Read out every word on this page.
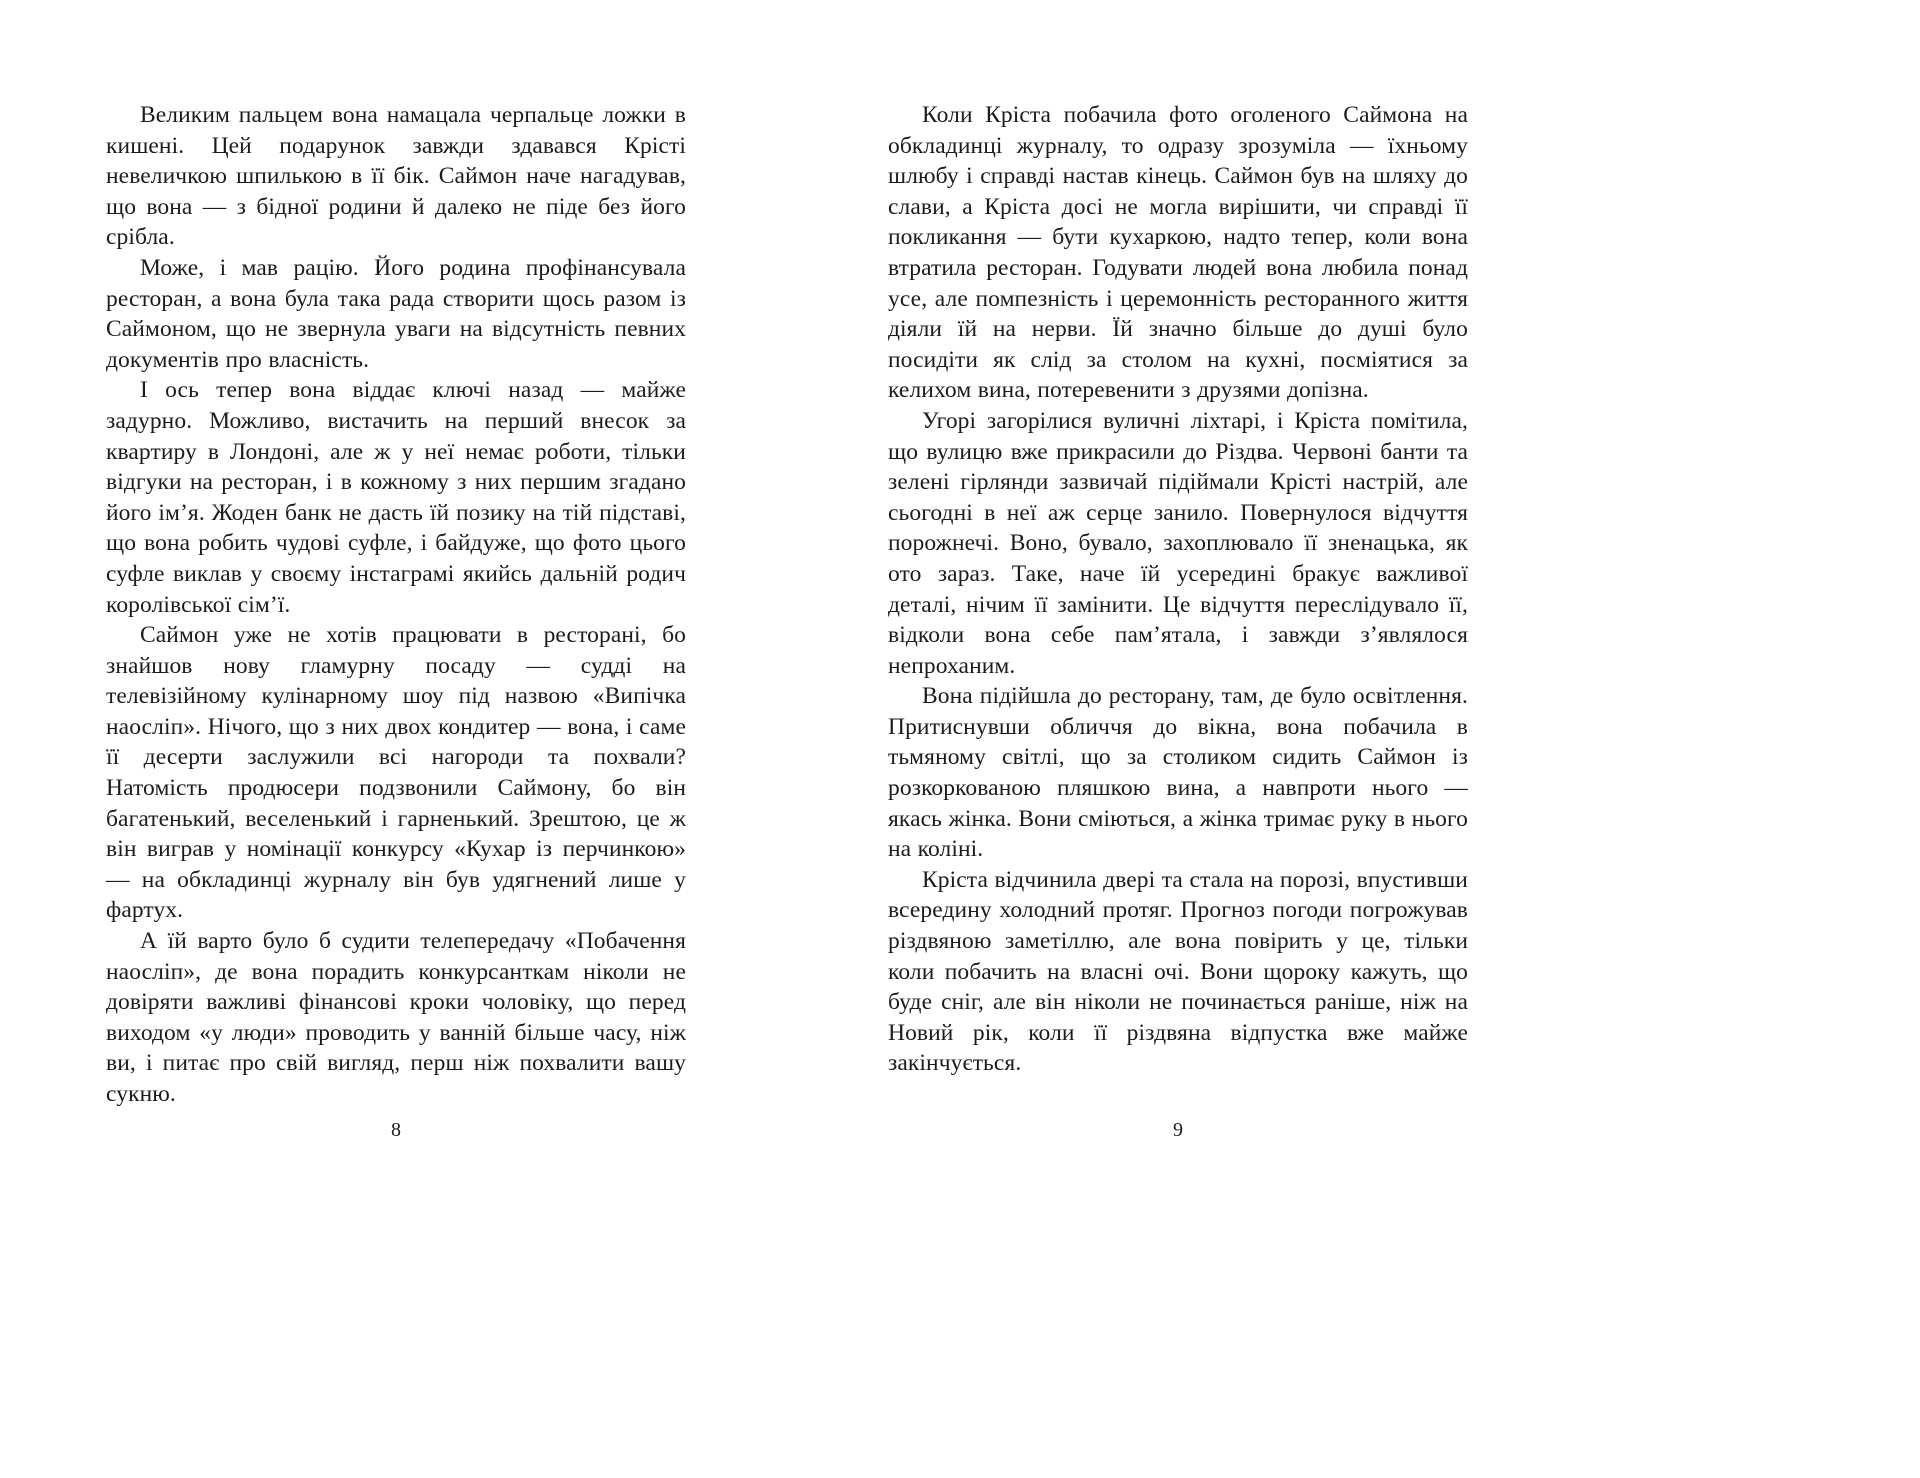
Великим пальцем вона намацала черпальце ложки в кишені. Цей подарунок завжди здавався Крісті невеличкою шпилькою в її бік. Саймон наче нагадував, що вона — з бідної родини й далеко не піде без його срібла.

Може, і мав рацію. Його родина профінансувала ресторан, а вона була така рада створити щось разом із Саймоном, що не звернула уваги на відсутність певних документів про власність.

І ось тепер вона віддає ключі назад — майже задурно. Можливо, вистачить на перший внесок за квартиру в Лондоні, але ж у неї немає роботи, тільки відгуки на ресторан, і в кожному з них першим згадано його ім’я. Жоден банк не дасть їй позику на тій підставі, що вона робить чудові суфле, і байдуже, що фото цього суфле виклав у своєму інстаграмі якийсь дальній родич королівської сім’ї.

Саймон уже не хотів працювати в ресторані, бо знайшов нову гламурну посаду — судді на телевізійному кулінарному шоу під назвою «Випічка наосліп». Нічого, що з них двох кондитер — вона, і саме її десерти заслужили всі нагороди та похвали? Натомість продюсери подзвонили Саймону, бо він багатенький, веселенький і гарненький. Зрештою, це ж він виграв у номінації конкурсу «Кухар із перчинкою» — на обкладинці журналу він був удягнений лише у фартух.

А їй варто було б судити телепередачу «Побачення наосліп», де вона порадить конкурсанткам ніколи не довіряти важливі фінансові кроки чоловіку, що перед виходом «у люди» проводить у ванній більше часу, ніж ви, і питає про свій вигляд, перш ніж похвалити вашу сукню.

8

Коли Кріста побачила фото оголеного Саймона на обкладинці журналу, то одразу зрозуміла — їхньому шлюбу і справді настав кінець. Саймон був на шляху до слави, а Кріста досі не могла вирішити, чи справді її покликання — бути кухаркою, надто тепер, коли вона втратила ресторан. Годувати людей вона любила понад усе, але помпезність і церемонність ресторанного життя діяли їй на нерви. Їй значно більше до душі було посидіти як слід за столом на кухні, посміятися за келихом вина, потеревенити з друзями допізна.

Угорі загорілися вуличні ліхтарі, і Кріста помітила, що вулицю вже прикрасили до Різдва. Червоні банти та зелені гірлянди зазвичай підіймали Крісті настрій, але сьогодні в неї аж серце занило. Повернулося відчуття порожнечі. Воно, бувало, захоплювало її зненацька, як ото зараз. Таке, наче їй усередині бракує важливої деталі, нічим її замінити. Це відчуття переслідувало її, відколи вона себе пам’ятала, і завжди з’являлося непроханим.

Вона підійшла до ресторану, там, де було освітлення. Притиснувши обличчя до вікна, вона побачила в тьмяному світлі, що за столиком сидить Саймон із розкоркованою пляшкою вина, а навпроти нього — якась жінка. Вони сміються, а жінка тримає руку в нього на коліні.

Кріста відчинила двері та стала на порозі, впустивши всередину холодний протяг. Прогноз погоди погрожував різдвяною заметіллю, але вона повірить у це, тільки коли побачить на власні очі. Вони щороку кажуть, що буде сніг, але він ніколи не починається раніше, ніж на Новий рік, коли її різдвяна відпустка вже майже закінчується.

9
